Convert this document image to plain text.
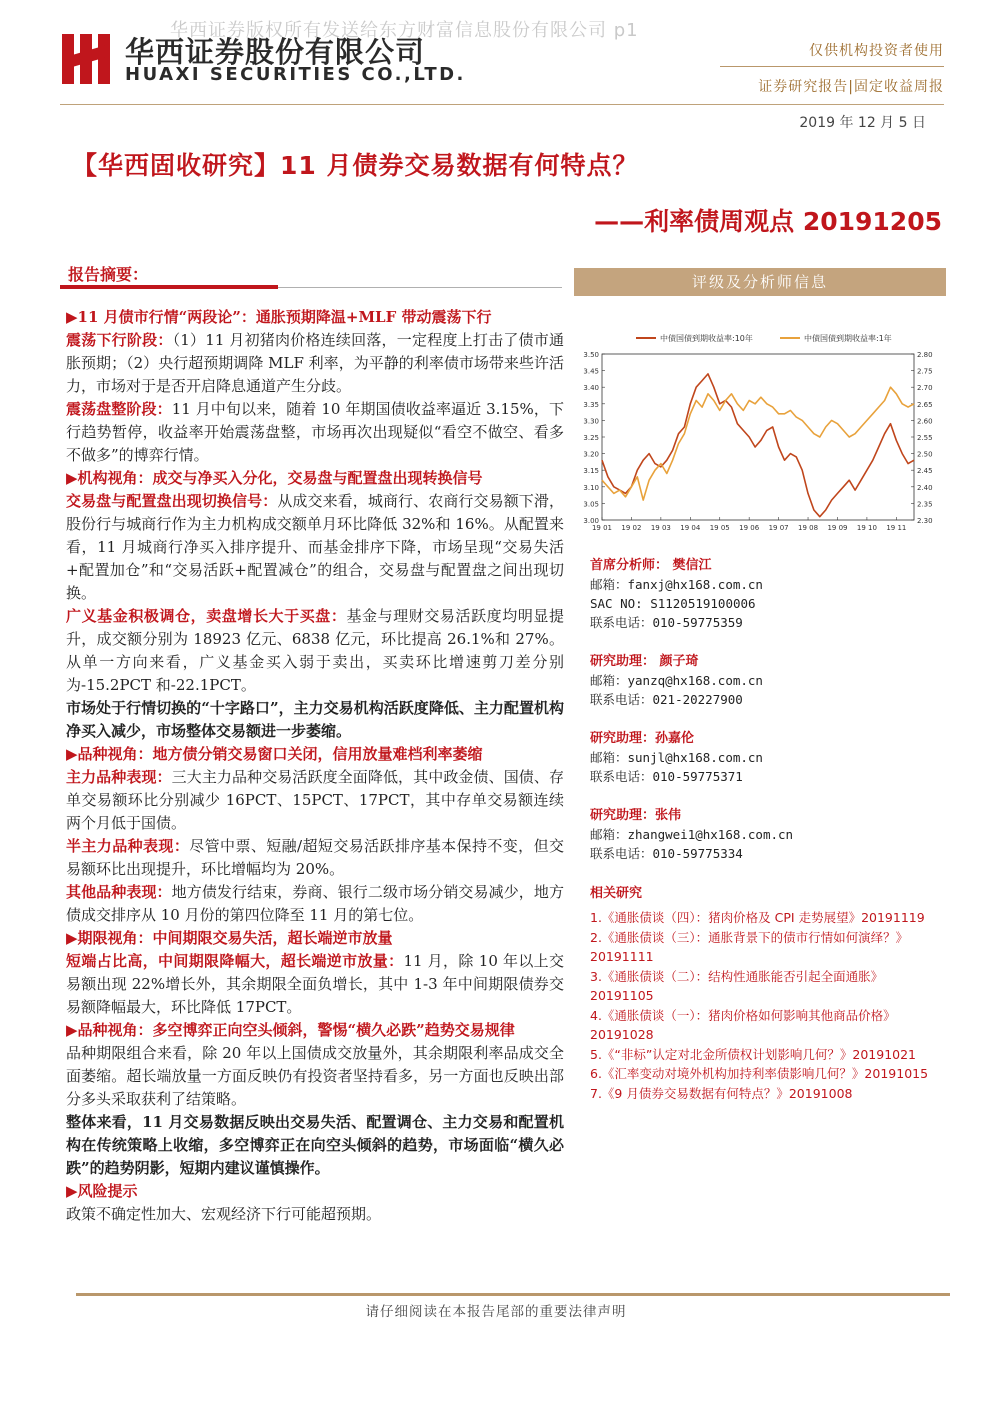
华西证券版权所有发送给东方财富信息股份有限公司 p1
华西证券股份有限公司
HUAXI SECURITIES CO.,LTD.
仅供机构投资者使用
证券研究报告|固定收益周报
2019 年 12 月 5 日
【华西固收研究】11 月债券交易数据有何特点？
——利率债周观点 20191205
报告摘要：

▶11 月债市行情“两段论”：通胀预期降温+MLF 带动震荡下行

震荡下行阶段：（1）11 月初猪肉价格连续回落，一定程度上打击了债市通胀预期；（2）央行超预期调降 MLF 利率，为平静的利率债市场带来些许活力，市场对于是否开启降息通道产生分歧。

震荡盘整阶段：11 月中旬以来，随着 10 年期国债收益率逼近 3.15%，下行趋势暂停，收益率开始震荡盘整，市场再次出现疑似“看空不做空、看多不做多”的博弈行情。

▶机构视角：成交与净买入分化，交易盘与配置盘出现转换信号

交易盘与配置盘出现切换信号：从成交来看，城商行、农商行交易额下滑，股份行与城商行作为主力机构成交额单月环比降低 32%和 16%。从配置来看，11 月城商行净买入排序提升、而基金排序下降，市场呈现“交易失活+配置加仓”和“交易活跃+配置减仓”的组合，交易盘与配置盘之间出现切换。

广义基金积极调仓，卖盘增长大于买盘：基金与理财交易活跃度均明显提升，成交额分别为 18923 亿元、6838 亿元，环比提高 26.1%和 27%。从单一方向来看，广义基金买入弱于卖出，买卖环比增速剪刀差分别为-15.2PCT 和-22.1PCT。

市场处于行情切换的“十字路口”，主力交易机构活跃度降低、主力配置机构净买入减少，市场整体交易额进一步萎缩。

▶品种视角：地方债分销交易窗口关闭，信用放量难档利率萎缩

主力品种表现：三大主力品种交易活跃度全面降低，其中政金债、国债、存单交易额环比分别减少 16PCT、15PCT、17PCT，其中存单交易额连续两个月低于国债。

半主力品种表现：尽管中票、短融/超短交易活跃排序基本保持不变，但交易额环比出现提升，环比增幅均为 20%。

其他品种表现：地方债发行结束，券商、银行二级市场分销交易减少，地方债成交排序从 10 月份的第四位降至 11 月的第七位。

▶期限视角：中间期限交易失活，超长端逆市放量

短端占比高，中间期限降幅大，超长端逆市放量：11 月，除 10 年以上交易额出现 22%增长外，其余期限全面负增长，其中 1-3 年中间期限债券交易额降幅最大，环比降低 17PCT。

▶品种视角：多空博弈正向空头倾斜，警惕“横久必跌”趋势交易规律

品种期限组合来看，除 20 年以上国债成交放量外，其余期限利率品成交全面萎缩。超长端放量一方面反映仍有投资者坚持看多，另一方面也反映出部分多头采取获利了结策略。

整体来看，11 月交易数据反映出交易失活、配置调仓、主力交易和配置机构在传统策略上收缩，多空博弈正在向空头倾斜的趋势，市场面临“横久必跌”的趋势阴影，短期内建议谨慎操作。

▶风险提示

政策不确定性加大、宏观经济下行可能超预期。

评级及分析师信息
中债国债到期收益率:10年	中债国债到期收益率:1年
3.50
3.45
3.40
3.35
3.30
3.25
3.20
3.15
3.10
3.05
3.00
2.80
2.75
2.70
2.65
2.60
2.55
2.50
2.45
2.40
2.35
2.30
19 01 19 02 19 03 19 04 19 05 19 06 19 07 19 08 19 09 19 10 19 11
首席分析师： 樊信江
邮箱：fanxj@hx168.com.cn
SAC NO: S1120519100006
联系电话：010-59775359
研究助理： 颜子琦
邮箱：yanzq@hx168.com.cn
联系电话：021-20227900
研究助理：孙嘉伦
邮箱：sunjl@hx168.com.cn
联系电话：010-59775371
研究助理：张伟
邮箱：zhangwei1@hx168.com.cn
联系电话：010-59775334
相关研究
1.《通胀债谈（四）：猪肉价格及 CPI 走势展望》20191119
2.《通胀债谈（三）：通胀背景下的债市行情如何演绎？》20191111
3.《通胀债谈（二）：结构性通胀能否引起全面通胀》20191105
4.《通胀债谈（一）：猪肉价格如何影响其他商品价格》20191028
5.《“非标”认定对北金所债权计划影响几何？》20191021
6.《汇率变动对境外机构加持利率债影响几何？》20191015
7.《9 月债券交易数据有何特点？》20191008
请仔细阅读在本报告尾部的重要法律声明
